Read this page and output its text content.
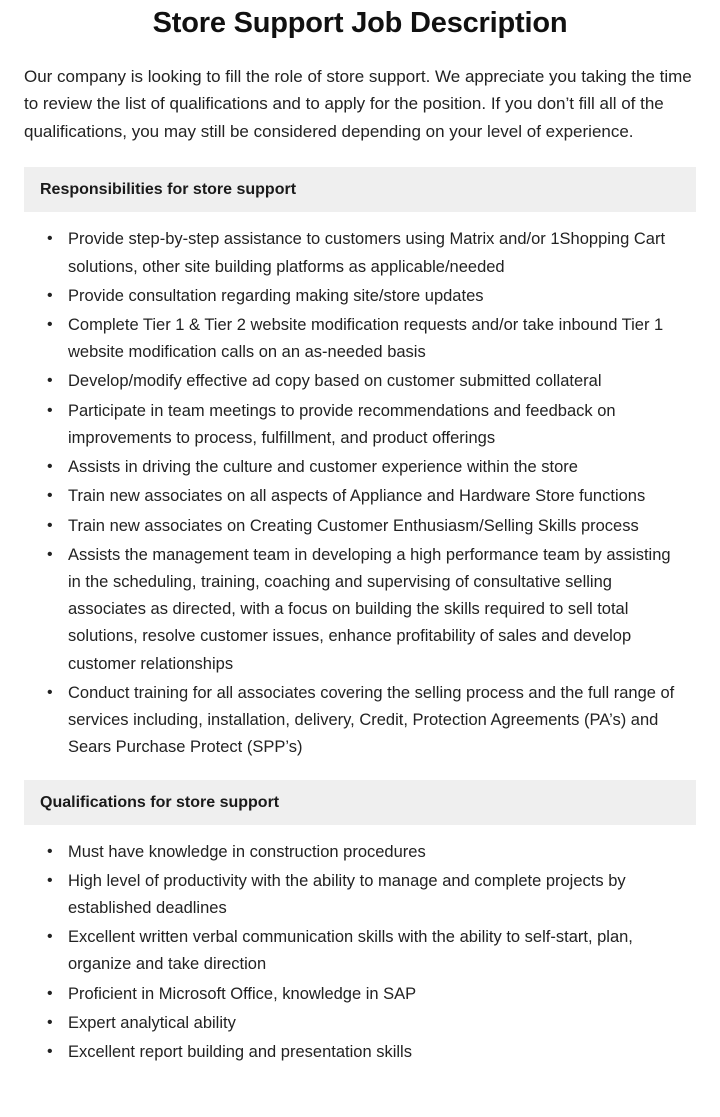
Store Support Job Description

Our company is looking to fill the role of store support. We appreciate you taking the time to review the list of qualifications and to apply for the position. If you don’t fill all of the qualifications, you may still be considered depending on your level of experience.

Responsibilities for store support
• Provide step-by-step assistance to customers using Matrix and/or 1Shopping Cart solutions, other site building platforms as applicable/needed
• Provide consultation regarding making site/store updates
• Complete Tier 1 & Tier 2 website modification requests and/or take inbound Tier 1 website modification calls on an as-needed basis
• Develop/modify effective ad copy based on customer submitted collateral
• Participate in team meetings to provide recommendations and feedback on improvements to process, fulfillment, and product offerings
• Assists in driving the culture and customer experience within the store
• Train new associates on all aspects of Appliance and Hardware Store functions
• Train new associates on Creating Customer Enthusiasm/Selling Skills process
• Assists the management team in developing a high performance team by assisting in the scheduling, training, coaching and supervising of consultative selling associates as directed, with a focus on building the skills required to sell total solutions, resolve customer issues, enhance profitability of sales and develop customer relationships
• Conduct training for all associates covering the selling process and the full range of services including, installation, delivery, Credit, Protection Agreements (PA’s) and Sears Purchase Protect (SPP’s)
Qualifications for store support
• Must have knowledge in construction procedures
• High level of productivity with the ability to manage and complete projects by established deadlines
• Excellent written verbal communication skills with the ability to self-start, plan, organize and take direction
• Proficient in Microsoft Office, knowledge in SAP
• Expert analytical ability
• Excellent report building and presentation skills
